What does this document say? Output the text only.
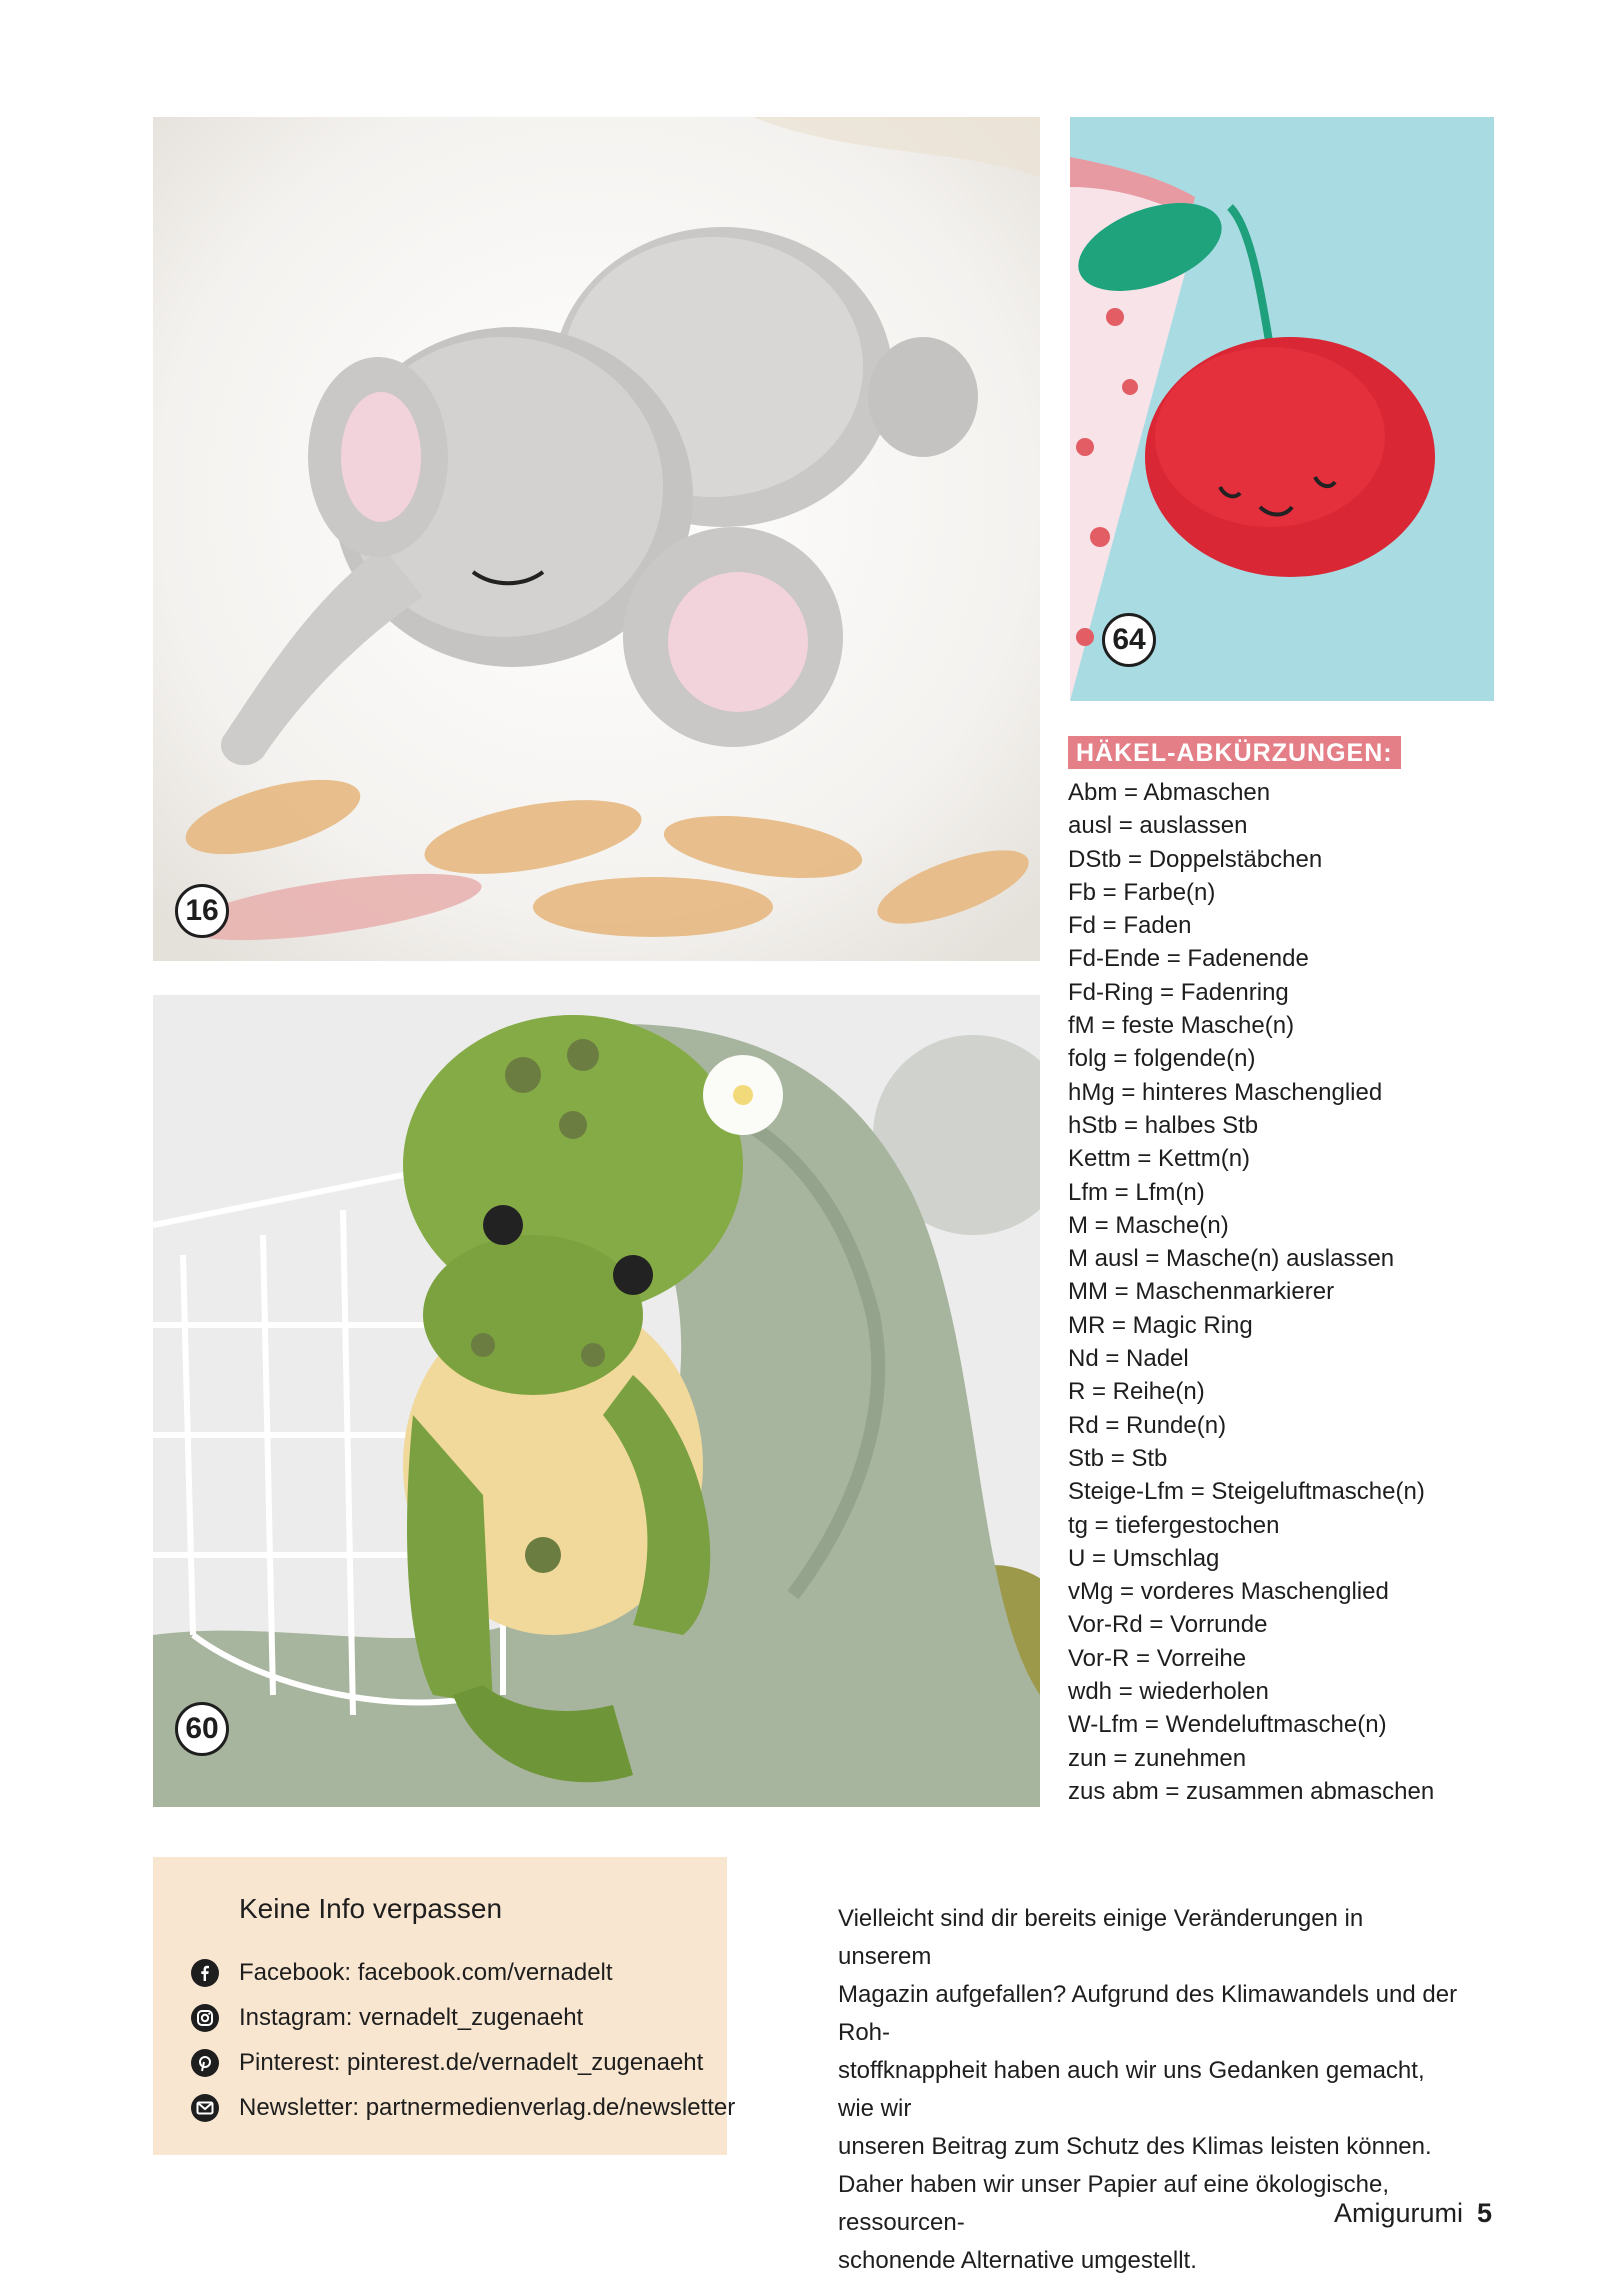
16
64
60
HÄKEL-ABKÜRZUNGEN:
Abm = Abmaschen
ausl = auslassen
DStb = Doppelstäbchen
Fb = Farbe(n)
Fd = Faden
Fd-Ende = Fadenende
Fd-Ring = Fadenring
fM = feste Masche(n)
folg = folgende(n)
hMg = hinteres Maschenglied
hStb = halbes Stb
Kettm = Kettm(n)
Lfm = Lfm(n)
M = Masche(n)
M ausl = Masche(n) auslassen
MM = Maschenmarkierer
MR = Magic Ring
Nd = Nadel
R = Reihe(n)
Rd = Runde(n)
Stb = Stb
Steige-Lfm = Steigeluftmasche(n)
tg = tiefergestochen
U = Umschlag
vMg = vorderes Maschenglied
Vor-Rd = Vorrunde
Vor-R = Vorreihe
wdh = wiederholen
W-Lfm = Wendeluftmasche(n)
zun = zunehmen
zus abm = zusammen abmaschen
Keine Info verpassen
Facebook: facebook.com/vernadelt
Instagram: vernadelt_zugenaeht
Pinterest: pinterest.de/vernadelt_zugenaeht
Newsletter: partnermedienverlag.de/newsletter

Vielleicht sind dir bereits einige Veränderungen in unserem

Magazin aufgefallen? Aufgrund des Klimawandels und der Roh-

stoffknappheit haben auch wir uns Gedanken gemacht, wie wir

unseren Beitrag zum Schutz des Klimas leisten können.

Daher haben wir unser Papier auf eine ökologische, ressourcen-

schonende Alternative umgestellt.

Amigurumi 5
